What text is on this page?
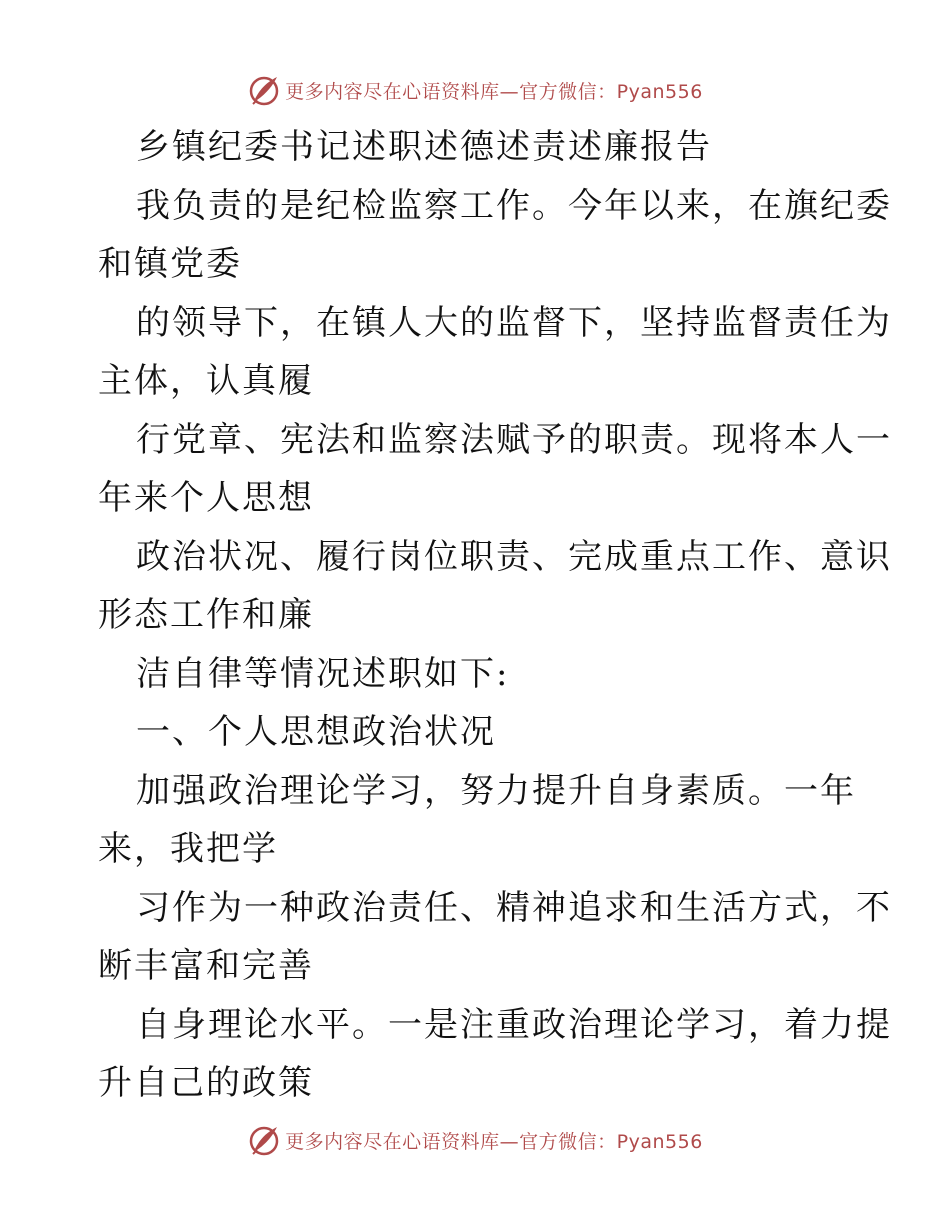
更多内容尽在心语资料库—官方微信：Pyan556
乡镇纪委书记述职述德述责述廉报告
我负责的是纪检监察工作。今年以来，在旗纪委
和镇党委
的领导下，在镇人大的监督下，坚持监督责任为
主体，认真履
行党章、宪法和监察法赋予的职责。现将本人一
年来个人思想
政治状况、履行岗位职责、完成重点工作、意识
形态工作和廉
洁自律等情况述职如下:
一、个人思想政治状况
加强政治理论学习，努力提升自身素质。一年
来，我把学
习作为一种政治责任、精神追求和生活方式，不
断丰富和完善
自身理论水平。一是注重政治理论学习，着力提
升自己的政策
更多内容尽在心语资料库—官方微信：Pyan556
